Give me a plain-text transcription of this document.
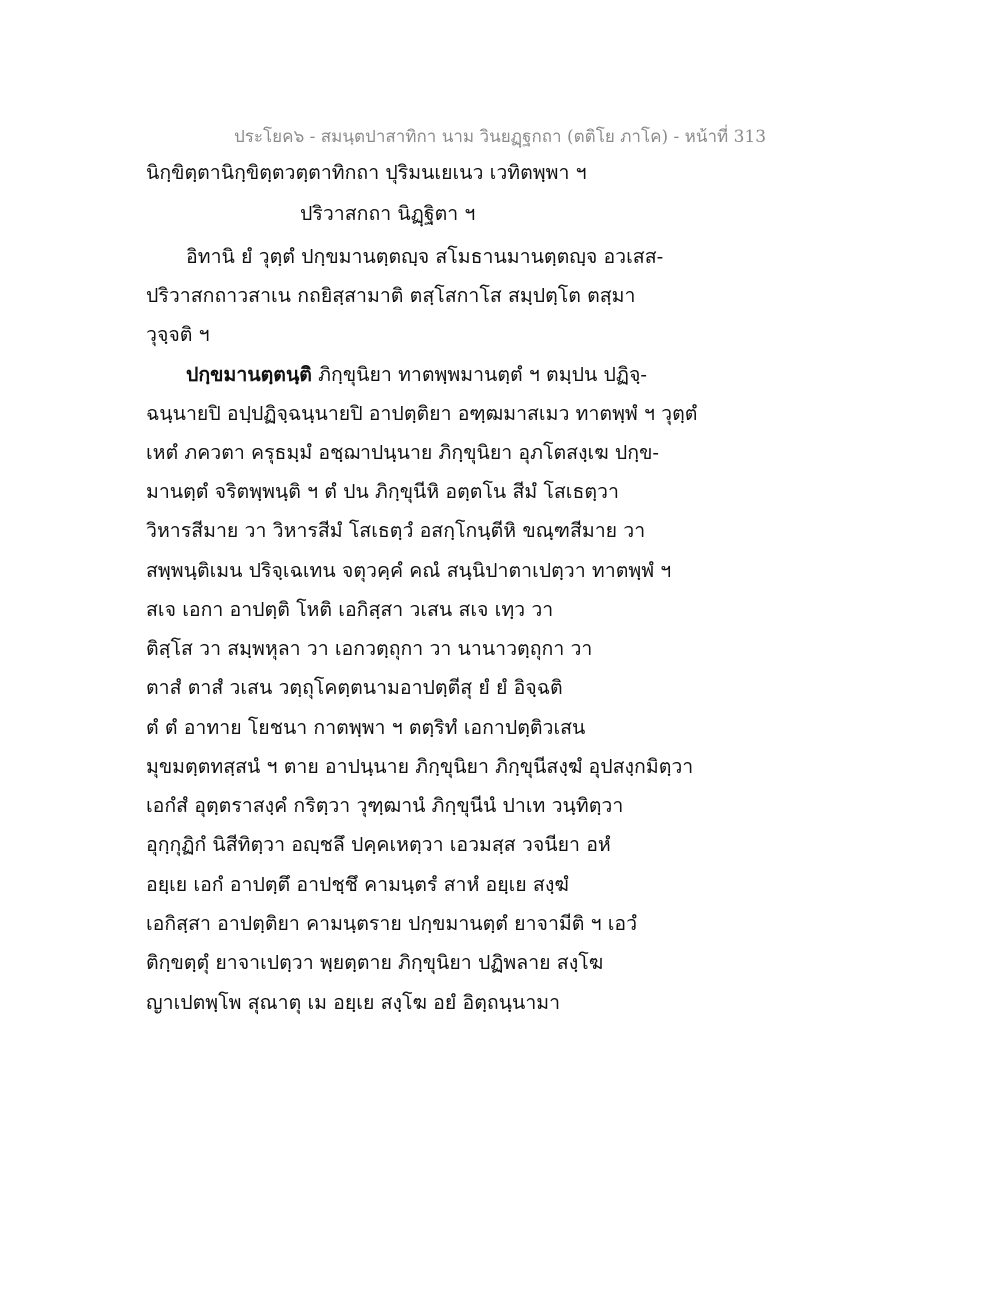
ประโยค๖ - สมนฺตปาสาทิกา นาม วินยฏฺฐกถา (ตติโย ภาโค) - หน้าที่ 313
นิกฺขิตฺตานิกฺขิตฺตวตฺตาทิกถา ปุริมนเยเนว เวทิตพฺพา ฯ
ปริวาสกถา นิฏฺฐิตา ฯ
อิทานิ ยํ วุตฺตํ ปกฺขมานตฺตญฺจ สโมธานมานตฺตญฺจ อวเสส-
ปริวาสกถาวสาเน กถยิสฺสามาติ ตสฺโสกาโส สมฺปตฺโต ตสฺมา
วุจฺจติ ฯ
ปกฺขมานตฺตนฺติ ภิกฺขุนิยา ทาตพฺพมานตฺตํ ฯ ตมฺปน ปฏิจฺ-
ฉนฺนายปิ อปฺปฏิจฺฉนฺนายปิ อาปตฺติยา อฑฺฒมาสเมว ทาตพฺพํ ฯ วุตฺตํ
เหตํ ภควตา ครุธมฺมํ อชฺฌาปนฺนาย ภิกฺขุนิยา อุภโตสงฺเฆ ปกฺข-
มานตฺตํ จริตพฺพนฺติ ฯ ตํ ปน ภิกฺขุนีหิ อตฺตโน สีมํ โสเธตฺวา
วิหารสีมาย วา วิหารสีมํ โสเธตฺวํ อสกฺโกนฺตีหิ ขณฺฑสีมาย วา
สพฺพนฺติเมน ปริจฺเฉเทน จตุวคฺคํ คณํ สนฺนิปาตาเปตฺวา ทาตพฺพํ ฯ
สเจ เอกา อาปตฺติ โหติ เอกิสฺสา วเสน สเจ เทฺว วา
ติสฺโส วา สมฺพหุลา วา เอกวตฺถุกา วา นานาวตฺถุกา วา
ตาสํ ตาสํ วเสน วตฺถุโคตฺตนามอาปตฺตีสุ ยํ ยํ อิจฺฉติ
ตํ ตํ อาทาย โยชนา กาตพฺพา ฯ ตตฺริทํ เอกาปตฺติวเสน
มุขมตฺตทสฺสนํ ฯ ตาย อาปนฺนาย ภิกฺขุนิยา ภิกฺขุนีสงฺฆํ อุปสงฺกมิตฺวา
เอกํสํ อุตฺตราสงฺคํ กริตฺวา วุฑฺฒานํ ภิกฺขุนีนํ ปาเท วนฺทิตฺวา
อุกฺกุฏิกํ นิสีทิตฺวา อญฺชลึ ปคฺคเหตฺวา เอวมสฺส วจนียา อหํ
อยฺเย เอกํ อาปตฺตึ อาปชฺชึ คามนฺตรํ สาหํ อยฺเย สงฺฆํ
เอกิสฺสา อาปตฺติยา คามนฺตราย ปกฺขมานตฺตํ ยาจามีติ ฯ เอวํ
ติกฺขตฺตุํ ยาจาเปตฺวา พฺยตฺตาย ภิกฺขุนิยา ปฏิพลาย สงฺโฆ
ญาเปตพฺโพ สุณาตุ เม อยฺเย สงฺโฆ อยํ อิตฺถนฺนามา
